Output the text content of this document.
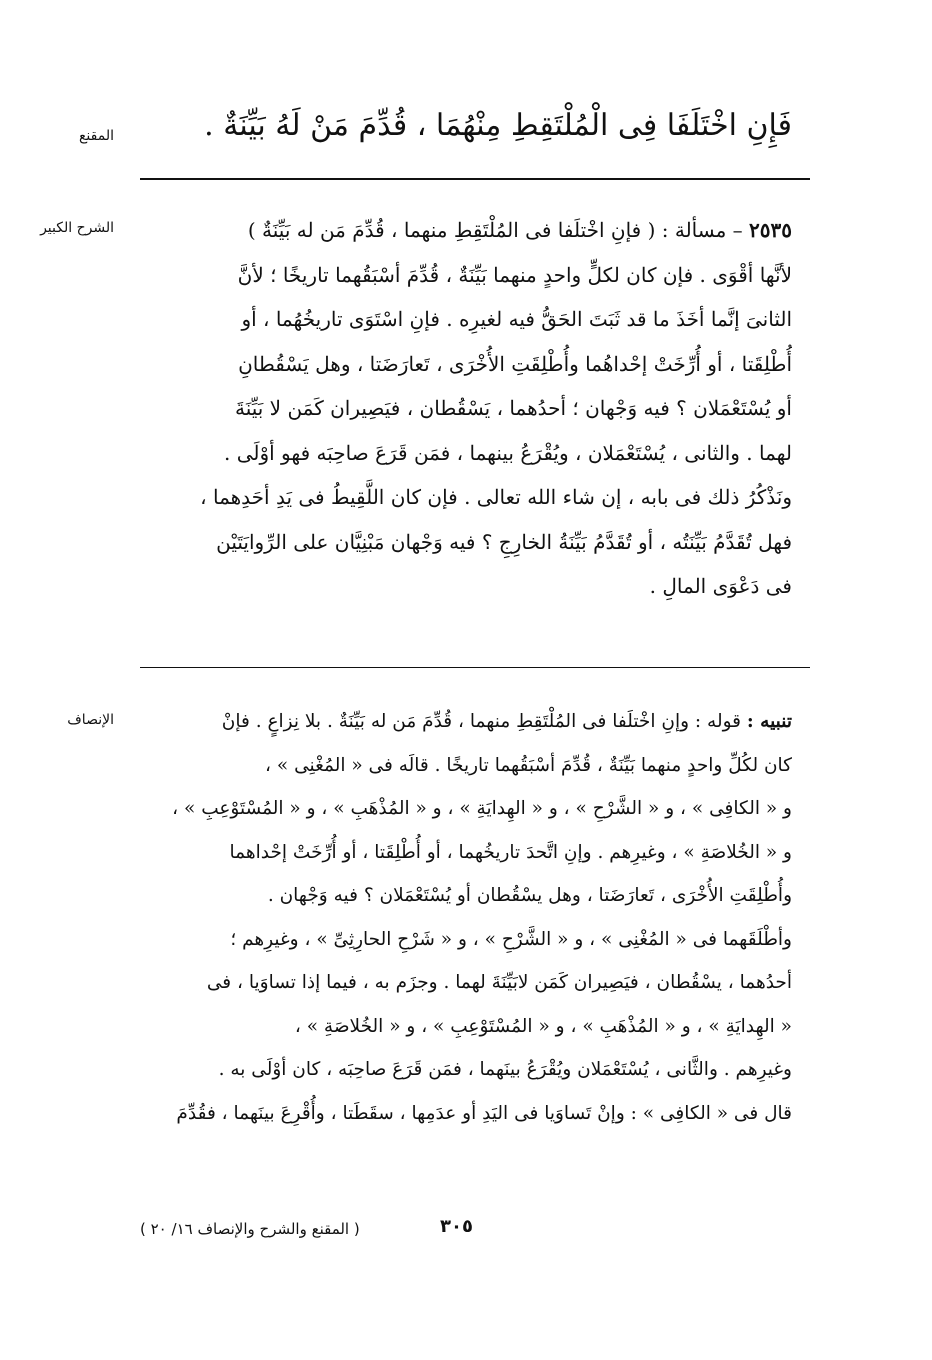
المقنع
الشرح الكبير
الإنصاف
فَإِنِ اخْتَلَفَا فِى الْمُلْتَقِطِ مِنْهُمَا ، قُدِّمَ مَنْ لَهُ بَيِّنَةٌ .
٢٥٣٥ – مسألة : ( فإنِ اخْتلَفا فى المُلْتَقِطِ منهما ، قُدِّمَ مَن له بَيِّنَةٌ )
لأنَّها أقْوَى . فإن كان لكلٍّ واحدٍ منهما بَيِّنَةٌ ، قُدِّمَ أسْبَقُهما تاريخًا ؛ لأنَّ
الثانىَ إنَّما أخَذَ ما قد ثَبَتَ الحَقُّ فيه لغيرِه . فإنِ اسْتَوَى تاريخُهُما ، أو
أُطْلِقَتا ، أو أُرِّخَتْ إحْداهُما وأُطْلِقَتِ الأُخْرَى ، تَعارَضَتا ، وهل يَسْقُطانِ
أو يُسْتَعْمَلان ؟ فيه وَجْهان ؛ أحدُهما ، يَسْقُطان ، فيَصِيران كَمَن لا بَيِّنَةَ
لهما . والثانى ، يُسْتَعْمَلان ، ويُقْرَعُ بينهما ، فمَن قَرَعَ صاحِبَه فهو أوْلَى .
ونَذْكُرُ ذلك فى بابه ، إن شاء الله تعالى . فإن كان اللَّقِيطُ فى يَدِ أحَدِهما ،
فهل تُقَدَّمُ بَيِّنَتُه ، أو تُقَدَّمُ بَيِّنَةُ الخارِجِ ؟ فيه وَجْهان مَبْنِيَّان على الرِّوايَتَيْن
فى دَعْوَى المالِ .
تنبيه : قوله : وإنِ اخْتلَفا فى المُلْتَقِطِ منهما ، قُدِّمَ مَن له بَيِّنَةٌ . بلا نِزاعٍ . فإنْ
كان لكُلِّ واحدٍ منهما بَيِّنَةٌ ، قُدِّمَ أسْبَقُهما تاريخًا . قالَه فى « المُغْنِى » ،
و « الكافِى » ، و « الشَّرْحِ » ، و « الهِدايَةِ » ، و « المُذْهَبِ » ، و « المُسْتَوْعِبِ » ،
و « الخُلاصَةِ » ، وغيرِهم . وإنِ اتَّحدَ تاريخُهما ، أو أُطْلِقَتا ، أو أُرِّخَتْ إحْداهما
وأُطْلِقَتِ الأُخْرَى ، تَعارَضَتا ، وهل يسْقُطان أو يُسْتَعْمَلان ؟ فيه وَجْهان .
وأطْلَقَهما فى « المُغْنِى » ، و « الشَّرْحِ » ، و « شَرْحِ الحارِثِىِّ » ، وغيرِهم ؛
أحدُهما ، يسْقُطان ، فيَصِيران كَمَن لابَيِّنَةَ لهما . وجزَم به ، فيما إذا تساوَيا ، فى
« الهِدايَةِ » ، و « المُذْهَبِ » ، و « المُسْتَوْعِبِ » ، و « الخُلاصَةِ » ،
وغيرِهم . والثَّانى ، يُسْتَعْمَلان ويُقْرَعُ بينَهما ، فمَن قَرَعَ صاحِبَه ، كان أوْلَى به .
قال فى « الكافِى » : وإنْ تَساوَيا فى اليَدِ أو عدَمِها ، سقَطَتا ، وأُقْرِعَ بينَهما ، فقُدِّمَ
٣٠٥
( المقنع والشرح والإنصاف ١٦/ ٢٠ )
